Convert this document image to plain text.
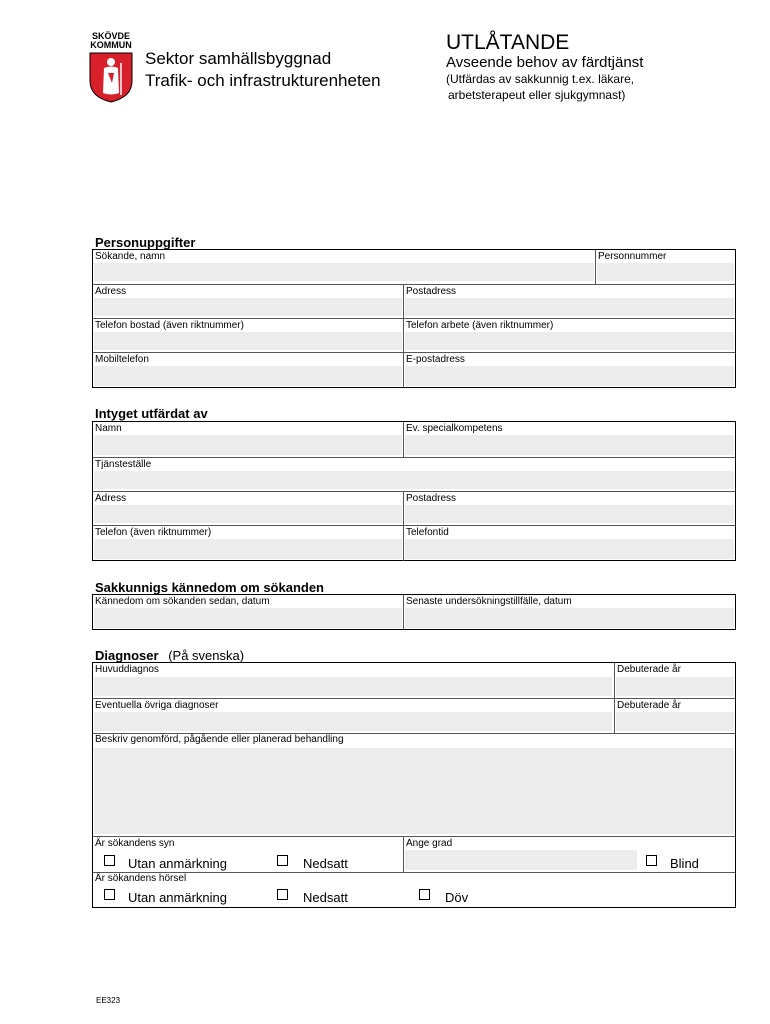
SKÖVDE
KOMMUN
Sektor samhällsbyggnad
Trafik- och infrastrukturenheten
UTLÅTANDE
Avseende behov av färdtjänst
(Utfärdas av sakkunnig t.ex. läkare,
arbetsterapeut eller sjukgymnast)
Personuppgifter
Sökande, namn	Personnummer
Adress	Postadress
Telefon bostad (även riktnummer)	Telefon arbete (även riktnummer)
Mobiltelefon	E-postadress
Intyget utfärdat av
Namn	Ev. specialkompetens
Tjänsteställe
Adress	Postadress
Telefon (även riktnummer)	Telefontid
Sakkunnigs kännedom om sökanden
Kännedom om sökanden sedan, datum	Senaste undersökningstillfälle, datum
Diagnoser (På svenska)
Huvuddiagnos	Debuterade år
Eventuella övriga diagnoser	Debuterade år
Beskriv genomförd, pågående eller planerad behandling
Är sökandens syn	Ange grad
Utan anmärkning	Nedsatt	Blind
Är sökandens hörsel
Utan anmärkning	Nedsatt	Döv
EE323
